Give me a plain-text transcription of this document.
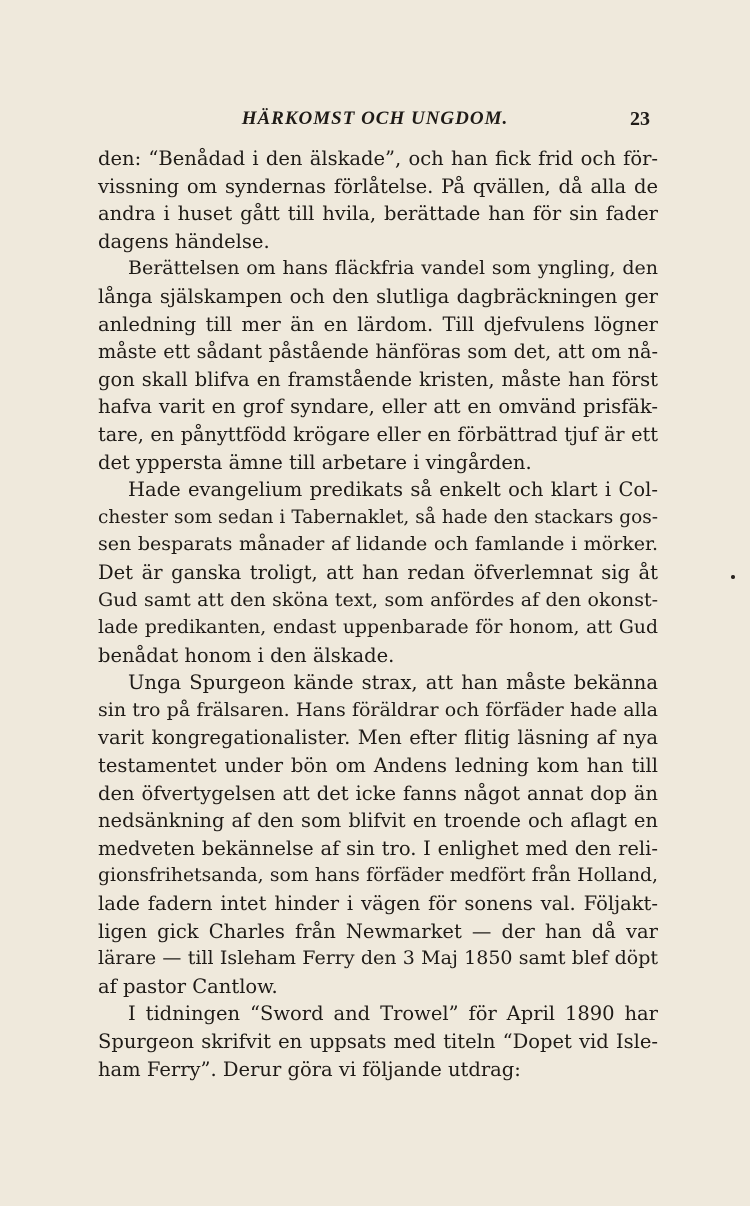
HÄRKOMST OCH UNGDOM.	23
den: “Benådad i den älskade”, och han fick frid och för-
vissning om syndernas förlåtelse. På qvällen, då alla de
andra i huset gått till hvila, berättade han för sin fader
dagens händelse.
Berättelsen om hans fläckfria vandel som yngling, den
långa själskampen och den slutliga dagbräckningen ger
anledning till mer än en lärdom. Till djefvulens lögner
måste ett sådant påstående hänföras som det, att om nå-
gon skall blifva en framstående kristen, måste han först
hafva varit en grof syndare, eller att en omvänd prisfäk-
tare, en pånyttfödd krögare eller en förbättrad tjuf är ett
det yppersta ämne till arbetare i vingården.
Hade evangelium predikats så enkelt och klart i Col-
chester som sedan i Tabernaklet, så hade den stackars gos-
sen besparats månader af lidande och famlande i mörker.
Det är ganska troligt, att han redan öfverlemnat sig åt
Gud samt att den sköna text, som anfördes af den okonst-
lade predikanten, endast uppenbarade för honom, att Gud
benådat honom i den älskade.
Unga Spurgeon kände strax, att han måste bekänna
sin tro på frälsaren. Hans föräldrar och förfäder hade alla
varit kongregationalister. Men efter flitig läsning af nya
testamentet under bön om Andens ledning kom han till
den öfvertygelsen att det icke fanns något annat dop än
nedsänkning af den som blifvit en troende och aflagt en
medveten bekännelse af sin tro. I enlighet med den reli-
gionsfrihetsanda, som hans förfäder medfört från Holland,
lade fadern intet hinder i vägen för sonens val. Följakt-
ligen gick Charles från Newmarket — der han då var
lärare — till Isleham Ferry den 3 Maj 1850 samt blef döpt
af pastor Cantlow.
I tidningen “Sword and Trowel” för April 1890 har
Spurgeon skrifvit en uppsats med titeln “Dopet vid Isle-
ham Ferry”. Derur göra vi följande utdrag:
